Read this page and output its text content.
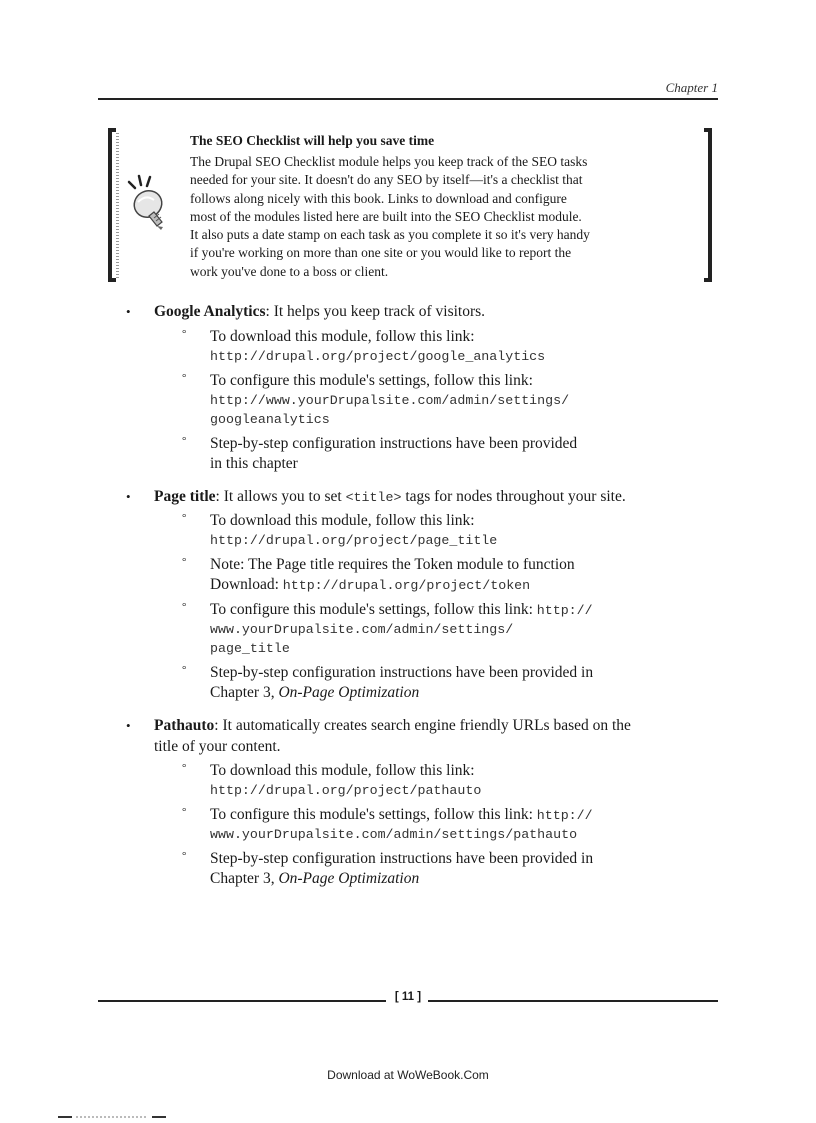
Chapter 1
The SEO Checklist will help you save time
The Drupal SEO Checklist module helps you keep track of the SEO tasks
needed for your site. It doesn't do any SEO by itself—it's a checklist that
follows along nicely with this book. Links to download and configure
most of the modules listed here are built into the SEO Checklist module.
It also puts a date stamp on each task as you complete it so it's very handy
if you're working on more than one site or you would like to report the
work you've done to a boss or client.
• Google Analytics: It helps you keep track of visitors.
° To download this module, follow this link:
http://drupal.org/project/google_analytics
° To configure this module's settings, follow this link:
http://www.yourDrupalsite.com/admin/settings/
googleanalytics
° Step-by-step configuration instructions have been provided
in this chapter
• Page title: It allows you to set <title> tags for nodes throughout your site.
° To download this module, follow this link:
http://drupal.org/project/page_title
° Note: The Page title requires the Token module to function
Download: http://drupal.org/project/token
° To configure this module's settings, follow this link: http://
www.yourDrupalsite.com/admin/settings/
page_title
° Step-by-step configuration instructions have been provided in
Chapter 3, On-Page Optimization
• Pathauto: It automatically creates search engine friendly URLs based on the
title of your content.
° To download this module, follow this link:
http://drupal.org/project/pathauto
° To configure this module's settings, follow this link: http://
www.yourDrupalsite.com/admin/settings/pathauto
° Step-by-step configuration instructions have been provided in
Chapter 3, On-Page Optimization
[ 11 ]
Download at WoWeBook.Com
